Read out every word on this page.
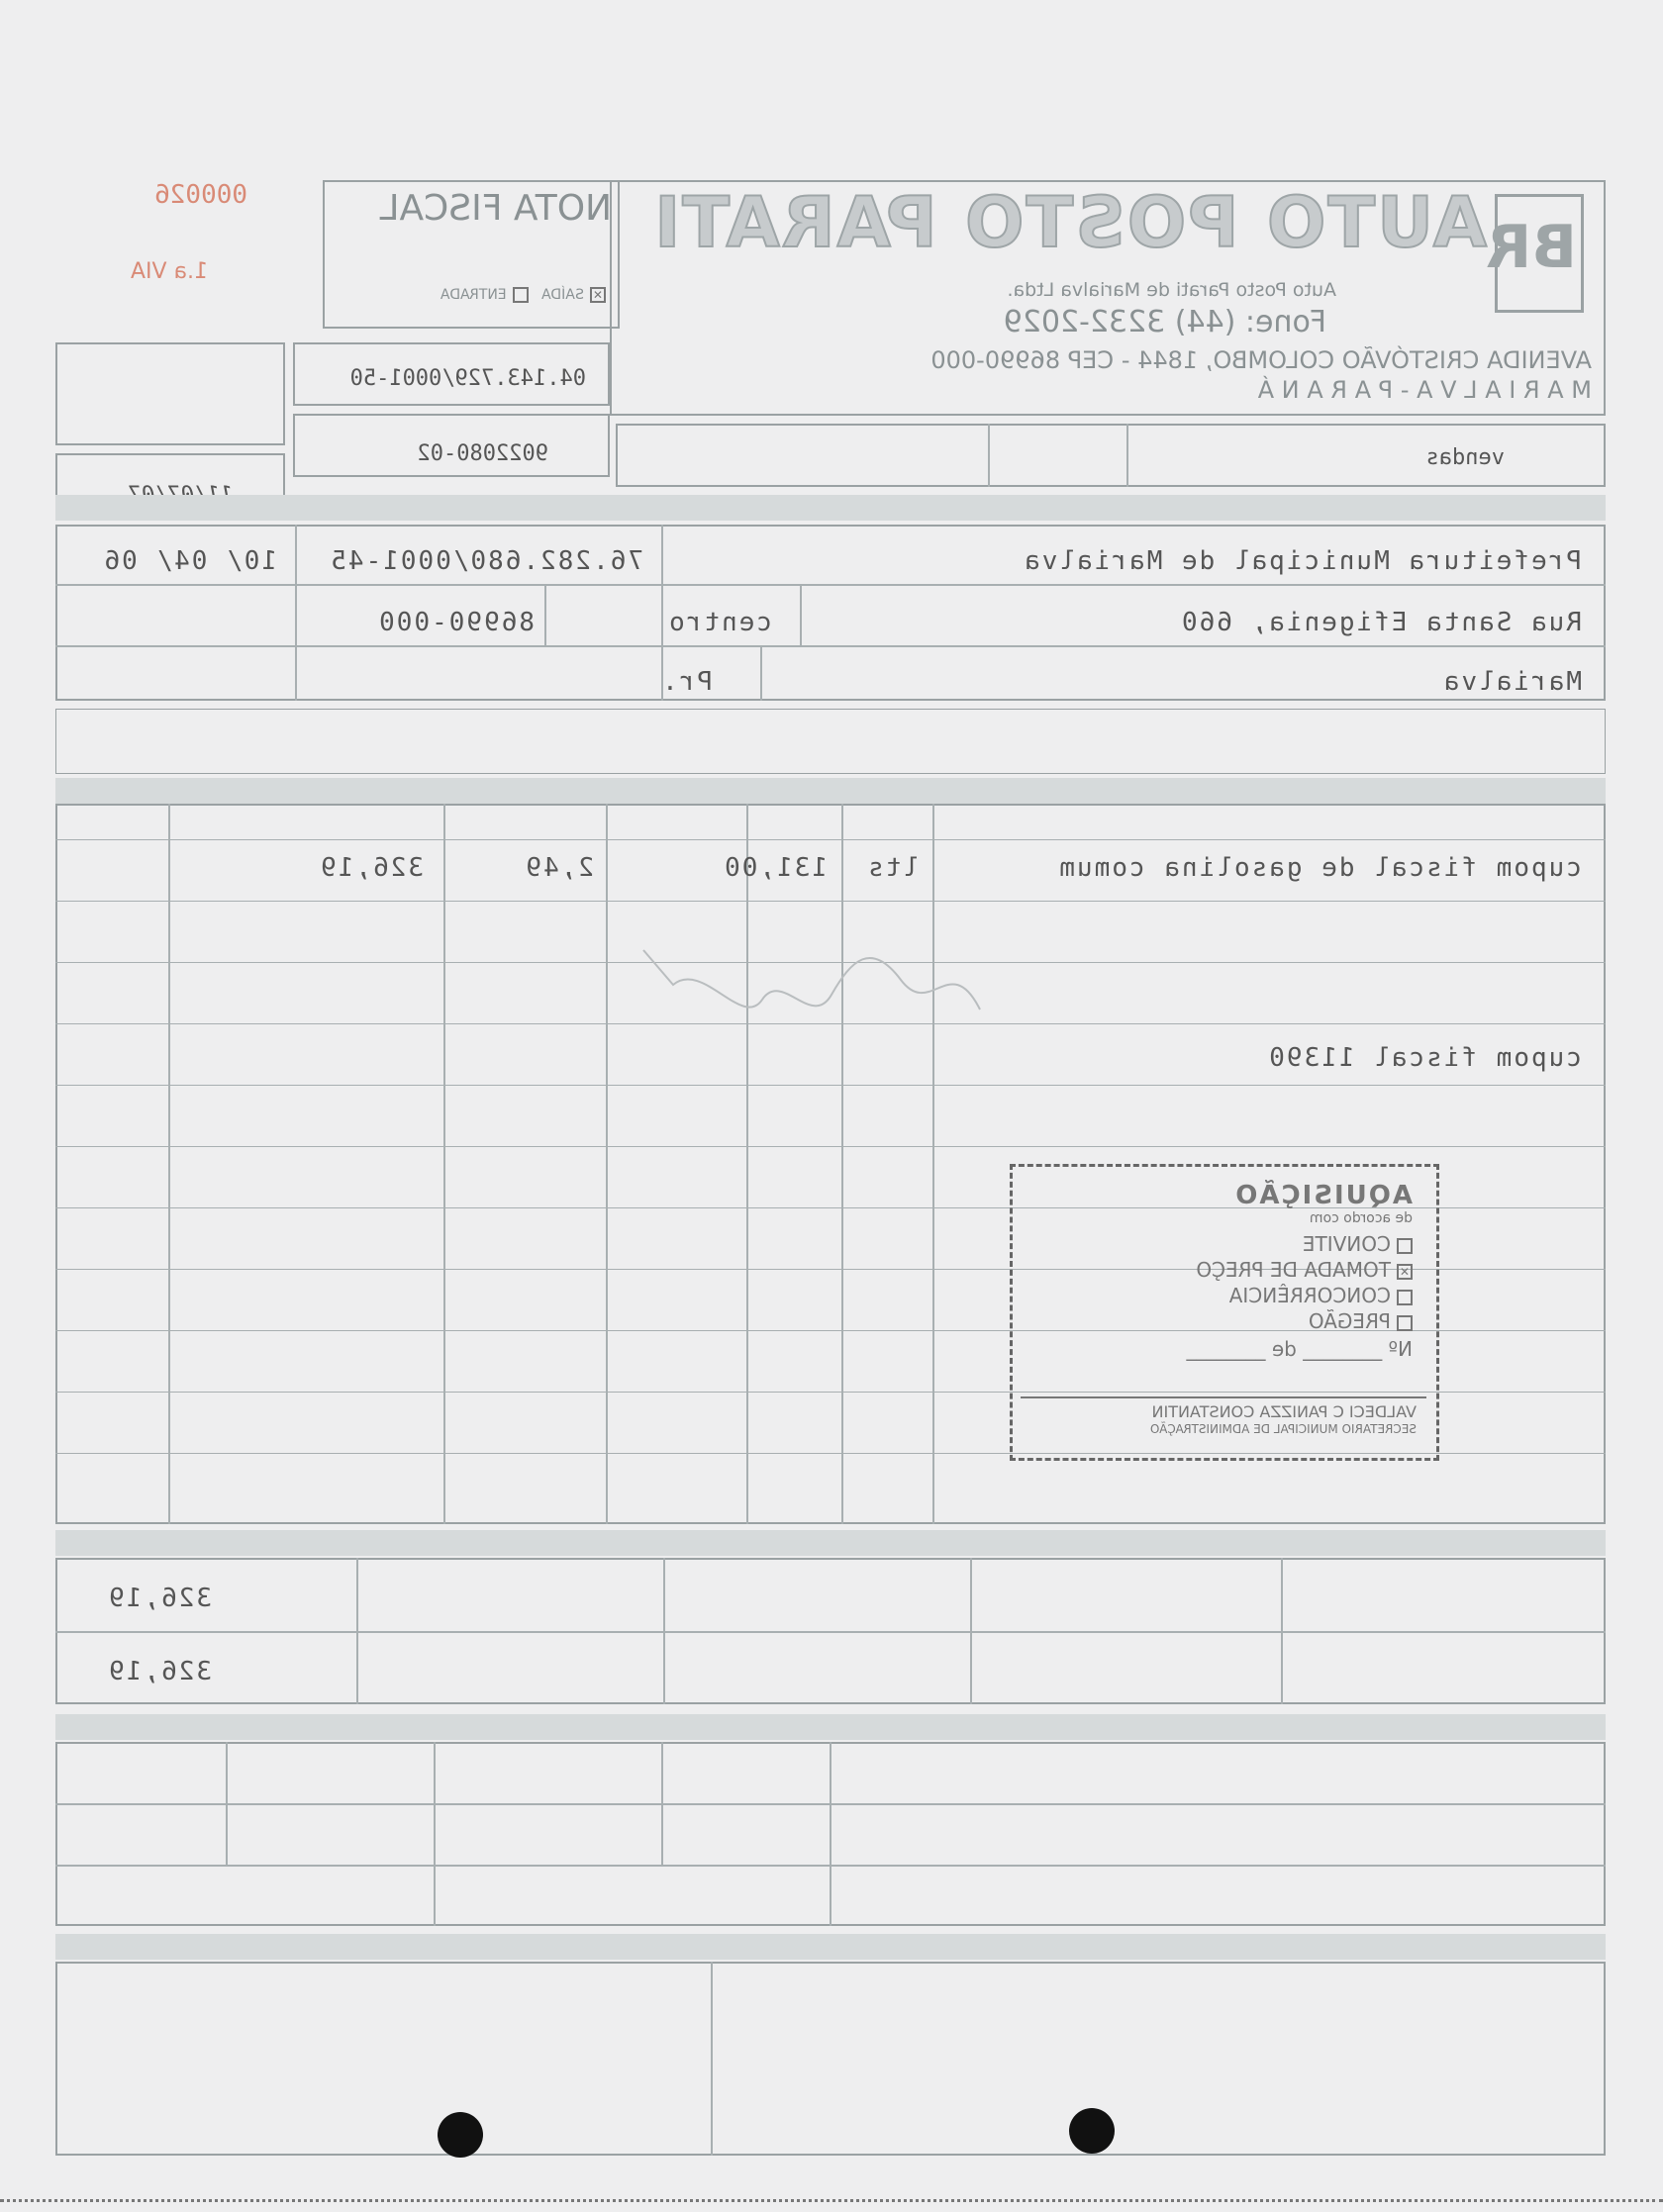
BR
AUTO POSTO PARATI
Auto Posto Parati de Marialva Ltda.
Fone: (44) 3232-2029
AVENIDA CRISTÓVÃO COLOMBO, 1844 - CEP 86990-000
M A R I A L V A - P A R A N Á
NOTA FISCAL
✕SAÍDA   ENTRADA
000026
1.a VIA
04.143.729/0001-50
9022080-02	vendas
Prefeitura Municipal de Marialva
76.282.680/0001-45
10/ 04/ 06
Rua Santa Efigenia, 660
centro
86990-000
Marialva
Pr.
cupom fiscal de gasolina comum
lts
131,00
2,49
326,19
cupom fiscal 11390
AQUISIÇÃO
de acordo com
CONVITE
✕TOMADA DE PREÇO
CONCORRÊNCIA
PREGÃO
Nº ________ de ________
VALDECI C PANIZZA CONSTANTIN
SECRETARIO MUNICIPAL DE ADMINISTRAÇÃO
326,19
326,19
